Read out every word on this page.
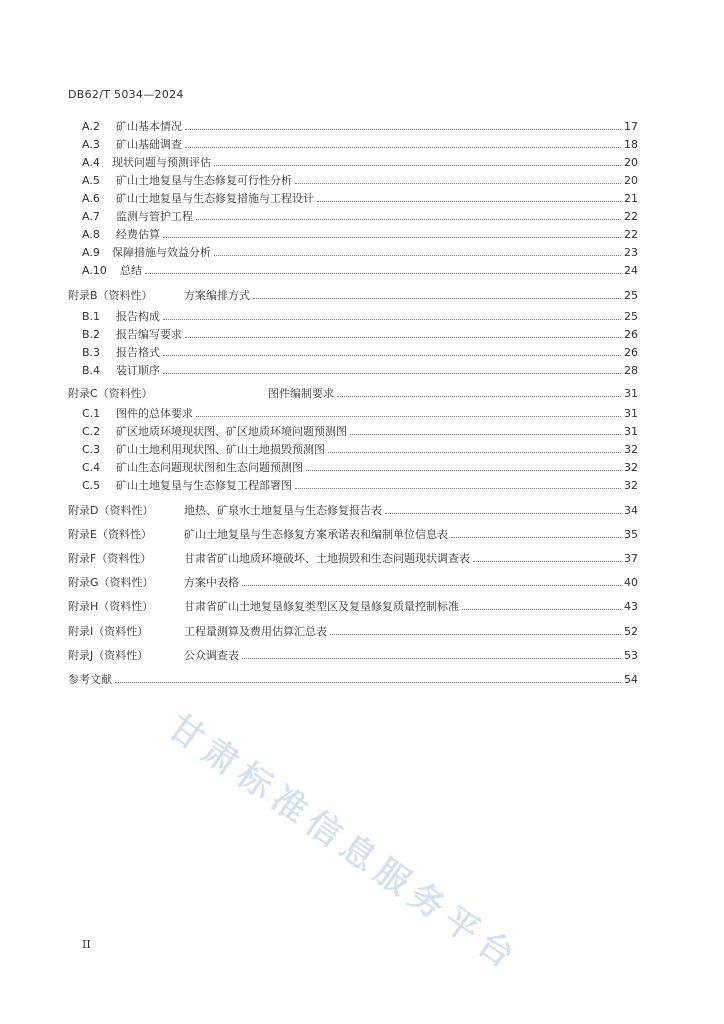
DB62/T 5034—2024
A.2	矿山基本情况	17
A.3	矿山基础调查	18
A.4	现状问题与预测评估	20
A.5	矿山土地复垦与生态修复可行性分析	20
A.6	矿山土地复垦与生态修复措施与工程设计	21
A.7	监测与管护工程	22
A.8	经费估算	22
A.9	保障措施与效益分析	23
A.10	总结	24
附录B（资料性）	方案编排方式	25
B.1	报告构成	25
B.2	报告编写要求	26
B.3	报告格式	26
B.4	装订顺序	28
附录C（资料性）	图件编制要求	31
C.1	图件的总体要求	31
C.2	矿区地质环境现状图、矿区地质环境问题预测图	31
C.3	矿山土地利用现状图、矿山土地损毁预测图	32
C.4	矿山生态问题现状图和生态问题预测图	32
C.5	矿山土地复垦与生态修复工程部署图	32
附录D（资料性）	地热、矿泉水土地复垦与生态修复报告表	34
附录E（资料性）	矿山土地复垦与生态修复方案承诺表和编制单位信息表	35
附录F（资料性）	甘肃省矿山地质环境破坏、土地损毁和生态问题现状调查表	37
附录G（资料性）	方案中表格	40
附录H（资料性）	甘肃省矿山土地复垦修复类型区及复垦修复质量控制标准	43
附录I（资料性）	工程量测算及费用估算汇总表	52
附录J（资料性）	公众调查表	53
参考文献	54
甘肃标准信息服务平台
II
